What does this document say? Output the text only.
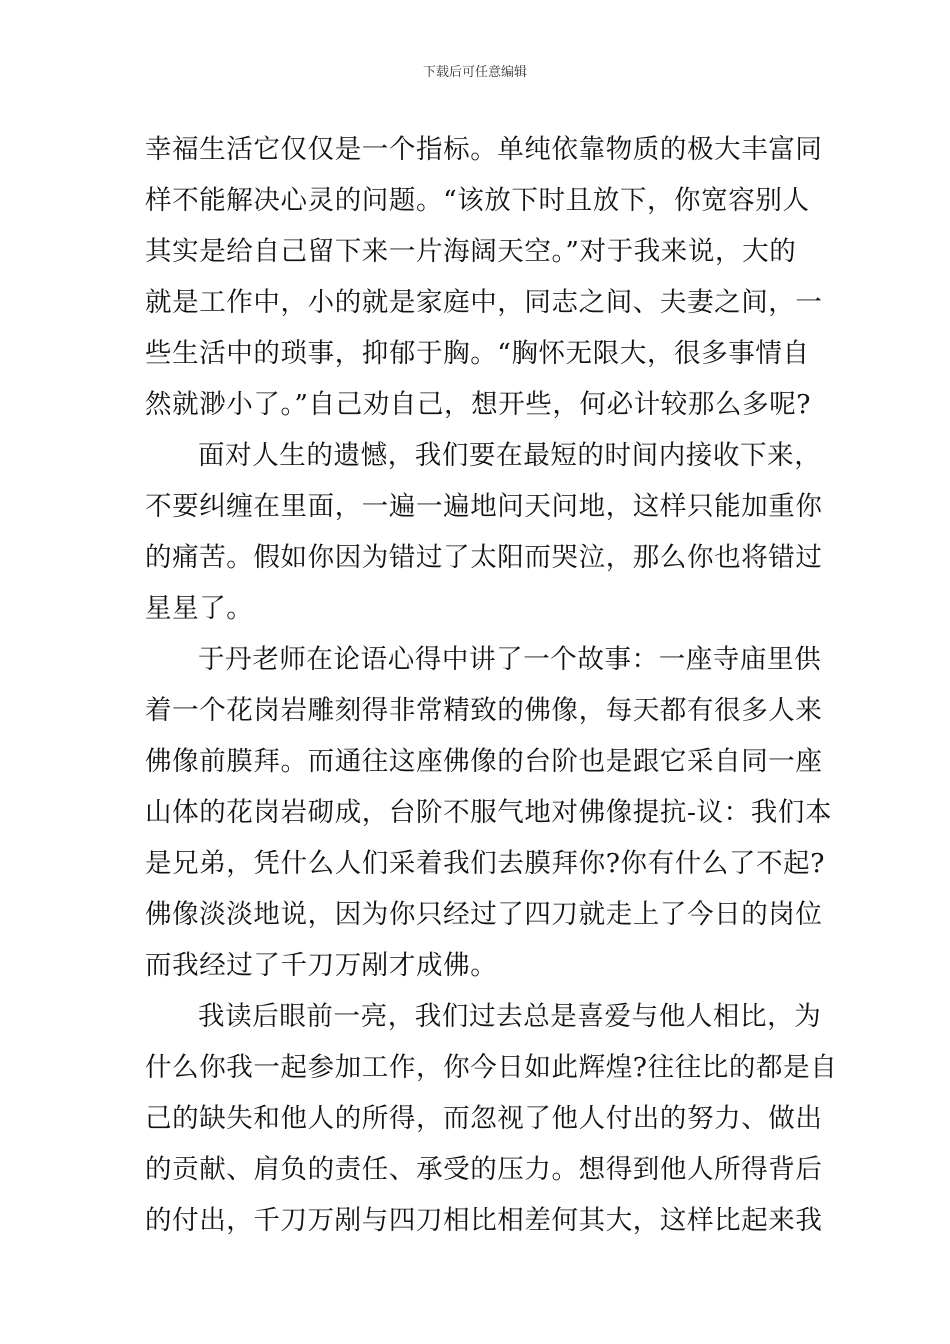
下载后可任意编辑
幸福生活它仅仅是一个指标。单纯依靠物质的极大丰富同
样不能解决心灵的问题。“该放下时且放下，你宽容别人
其实是给自己留下来一片海阔天空。”对于我来说，大的
就是工作中，小的就是家庭中，同志之间、夫妻之间，一
些生活中的琐事，抑郁于胸。“胸怀无限大，很多事情自
然就渺小了。”自己劝自己，想开些，何必计较那么多呢?
面对人生的遗憾，我们要在最短的时间内接收下来，
不要纠缠在里面，一遍一遍地问天问地，这样只能加重你
的痛苦。假如你因为错过了太阳而哭泣，那么你也将错过
星星了。
于丹老师在论语心得中讲了一个故事：一座寺庙里供
着一个花岗岩雕刻得非常精致的佛像，每天都有很多人来
佛像前膜拜。而通往这座佛像的台阶也是跟它采自同一座
山体的花岗岩砌成，台阶不服气地对佛像提抗-议：我们本
是兄弟，凭什么人们采着我们去膜拜你?你有什么了不起?
佛像淡淡地说，因为你只经过了四刀就走上了今日的岗位
而我经过了千刀万剐才成佛。
我读后眼前一亮，我们过去总是喜爱与他人相比，为
什么你我一起参加工作，你今日如此辉煌?往往比的都是自
己的缺失和他人的所得，而忽视了他人付出的努力、做出
的贡献、肩负的责任、承受的压力。想得到他人所得背后
的付出，千刀万剐与四刀相比相差何其大，这样比起来我
